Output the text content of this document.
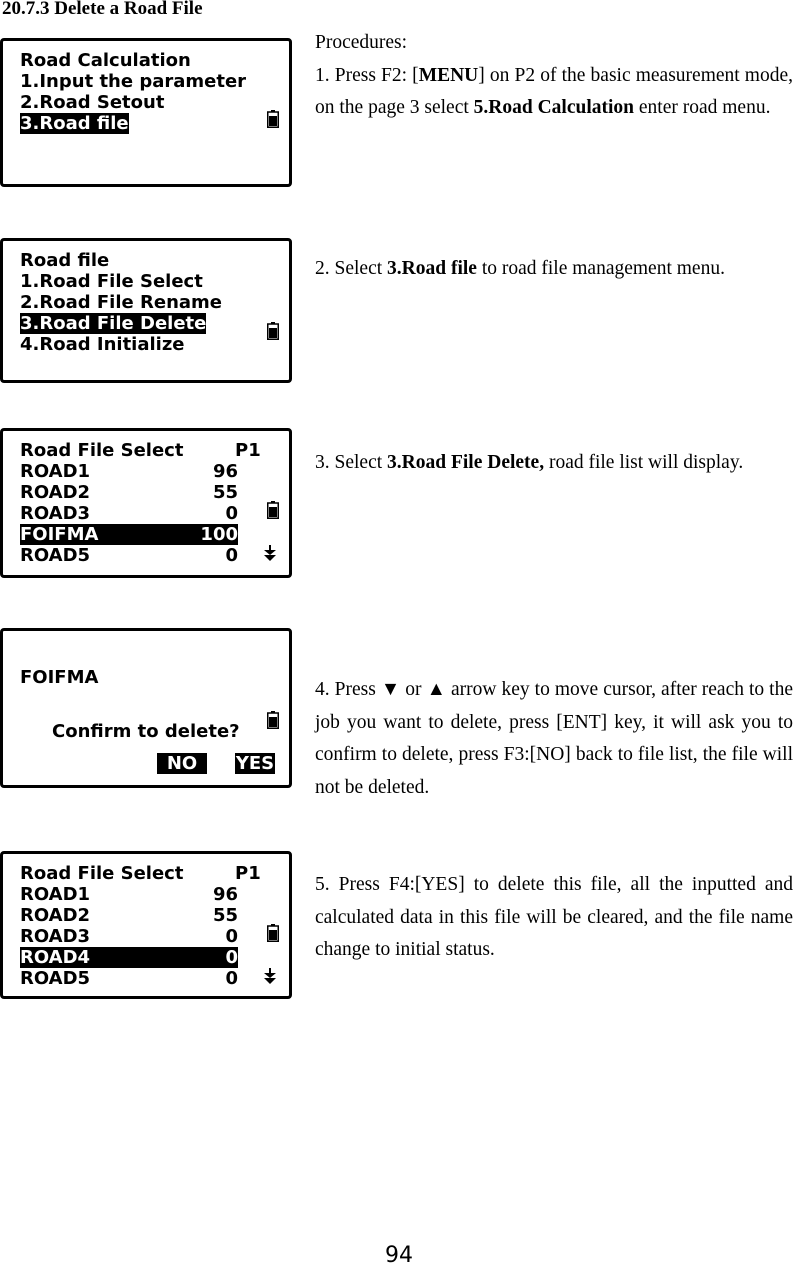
20.7.3 Delete a Road File
Road Calculation
1.Input the parameter
2.Road Setout
3.Road file
Road file
1.Road File Select
2.Road File Rename
3.Road File Delete
4.Road Initialize
Road File Select	P1
ROAD1	96
ROAD2	55
ROAD3	0
FOIFMA	100
ROAD5	0
FOIFMA
Confirm to delete?
NO	YES
Road File Select	P1
ROAD1	96
ROAD2	55
ROAD3	0
ROAD4	0
ROAD5	0
Procedures:
1. Press F2: [MENU] on P2 of the basic measurement mode, on the page 3 select 5.Road Calculation enter road menu.
2. Select 3.Road file to road file management menu.
3. Select 3.Road File Delete, road file list will display.
4. Press ▼ or ▲ arrow key to move cursor, after reach to the job you want to delete, press [ENT] key, it will ask you to confirm to delete, press F3:[NO] back to file list, the file will not be deleted.
5. Press F4:[YES] to delete this file, all the inputted and calculated data in this file will be cleared, and the file name change to initial status.
94
